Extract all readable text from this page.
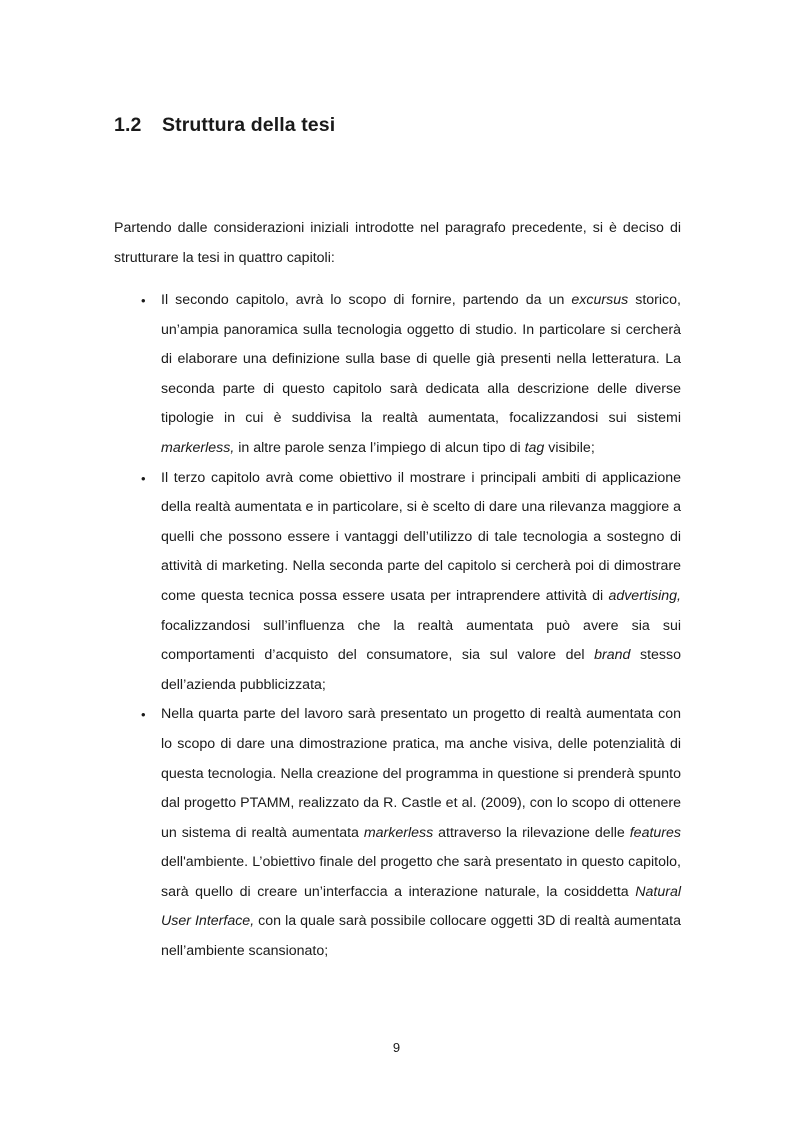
1.2 Struttura della tesi
Partendo dalle considerazioni iniziali introdotte nel paragrafo precedente, si è deciso di strutturare la tesi in quattro capitoli:
• Il secondo capitolo, avrà lo scopo di fornire, partendo da un excursus storico, un’ampia panoramica sulla tecnologia oggetto di studio. In particolare si cercherà di elaborare una definizione sulla base di quelle già presenti nella letteratura. La seconda parte di questo capitolo sarà dedicata alla descrizione delle diverse tipologie in cui è suddivisa la realtà aumentata, focalizzandosi sui sistemi markerless, in altre parole senza l’impiego di alcun tipo di tag visibile;
• Il terzo capitolo avrà come obiettivo il mostrare i principali ambiti di applicazione della realtà aumentata e in particolare, si è scelto di dare una rilevanza maggiore a quelli che possono essere i vantaggi dell’utilizzo di tale tecnologia a sostegno di attività di marketing. Nella seconda parte del capitolo si cercherà poi di dimostrare come questa tecnica possa essere usata per intraprendere attività di advertising, focalizzandosi sull’influenza che la realtà aumentata può avere sia sui comportamenti d’acquisto del consumatore, sia sul valore del brand stesso dell’azienda pubblicizzata;
• Nella quarta parte del lavoro sarà presentato un progetto di realtà aumentata con lo scopo di dare una dimostrazione pratica, ma anche visiva, delle potenzialità di questa tecnologia. Nella creazione del programma in questione si prenderà spunto dal progetto PTAMM, realizzato da R. Castle et al. (2009), con lo scopo di ottenere un sistema di realtà aumentata markerless attraverso la rilevazione delle features dell'ambiente. L’obiettivo finale del progetto che sarà presentato in questo capitolo, sarà quello di creare un’interfaccia a interazione naturale, la cosiddetta Natural User Interface, con la quale sarà possibile collocare oggetti 3D di realtà aumentata nell’ambiente scansionato;
9
